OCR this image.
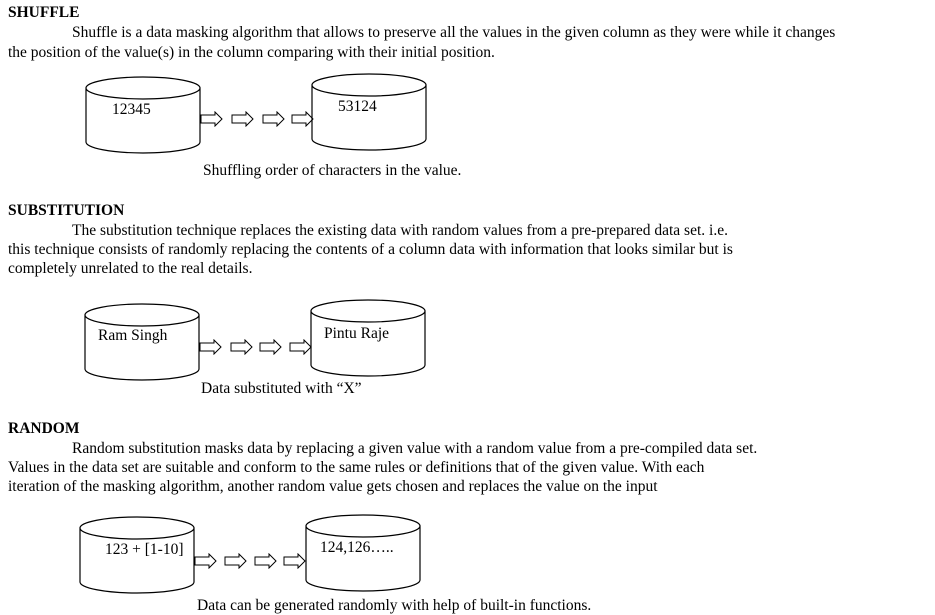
SHUFFLE
Shuffle is a data masking algorithm that allows to preserve all the values in the given column as they were while it changes
the position of the value(s) in the column comparing with their initial position.
12345	53124
Shuffling order of characters in the value.
SUBSTITUTION
The substitution technique replaces the existing data with random values from a pre-prepared data set. i.e.
this technique consists of randomly replacing the contents of a column data with information that looks similar but is
completely unrelated to the real details.
Ram Singh	Pintu Raje
Data substituted with “X”
RANDOM
Random substitution masks data by replacing a given value with a random value from a pre-compiled data set.
Values in the data set are suitable and conform to the same rules or definitions that of the given value. With each
iteration of the masking algorithm, another random value gets chosen and replaces the value on the input
123 + [1-10]	124,126…..
Data can be generated randomly with help of built-in functions.
